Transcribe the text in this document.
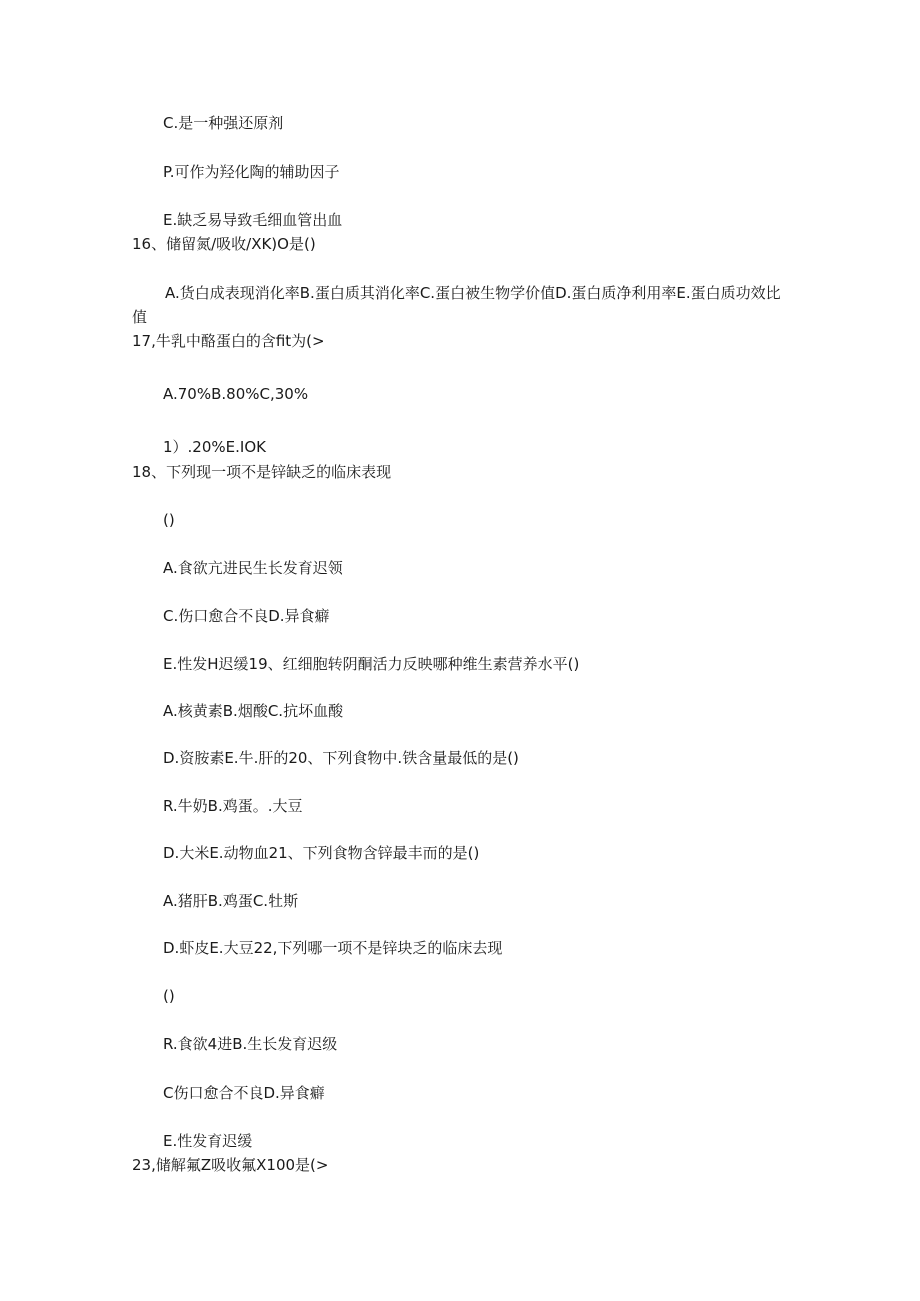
C.是一种强还原剂
P.可作为羟化陶的辅助因子
E.缺乏易导致毛细血管出血
16、储留氮/吸收/XK)O是()
A.货白成表现消化率B.蛋白质其消化率C.蛋白被生物学价值D.蛋白质净利用率E.蛋白质功效比
值
17,牛乳中酪蛋白的含fit为(>
A.70%B.80%C,30%
1）.20%E.IOK
18、下列现一项不是锌缺乏的临床表现
()
A.食欲亢进民生长发育迟领
C.伤口愈合不良D.异食癖
E.性发H迟缓19、红细胞转阴酮活力反映哪种维生素营养水平()
A.核黄素B.烟酸C.抗坏血酸
D.资胺素E.牛.肝的20、下列食物中.铁含量最低的是()
R.牛奶B.鸡蛋。.大豆
D.大米E.动物血21、下列食物含锌最丰而的是()
A.猪肝B.鸡蛋C.牡斯
D.虾皮E.大豆22,下列哪一项不是锌块乏的临床去现
()
R.食欲4进B.生长发育迟级
C伤口愈合不良D.异食癖
E.性发育迟缓
23,储解氟Z吸收氟X100是(>
